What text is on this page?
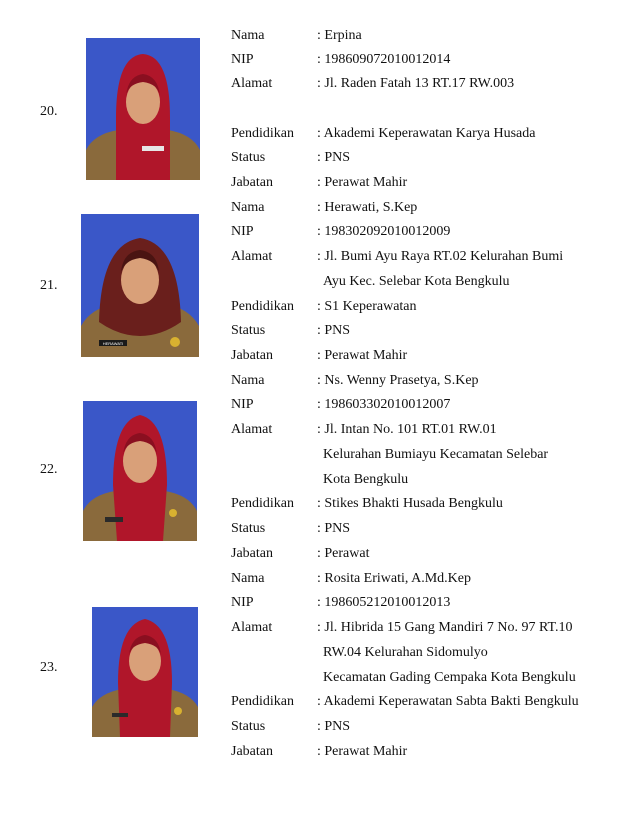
20.
Nama	: Erpina
NIP	: 198609072010012014
Alamat	: Jl. Raden Fatah 13 RT.17 RW.003
Pendidikan	: Akademi Keperawatan Karya Husada
Status	: PNS
Jabatan	: Perawat Mahir
21.
HERAWATI
Nama	: Herawati, S.Kep
NIP	: 198302092010012009
Alamat	: Jl. Bumi Ayu Raya RT.02 Kelurahan Bumi
Ayu Kec. Selebar Kota Bengkulu
Pendidikan	: S1 Keperawatan
Status	: PNS
Jabatan	: Perawat Mahir
22.
Nama	: Ns. Wenny Prasetya, S.Kep
NIP	: 198603302010012007
Alamat	: Jl. Intan No. 101 RT.01 RW.01
Kelurahan Bumiayu Kecamatan Selebar
Kota Bengkulu
Pendidikan	: Stikes Bhakti Husada Bengkulu
Status	: PNS
Jabatan	: Perawat
23.
Nama	: Rosita Eriwati, A.Md.Kep
NIP	: 198605212010012013
Alamat	: Jl. Hibrida 15 Gang Mandiri 7 No. 97 RT.10
RW.04 Kelurahan Sidomulyo
Kecamatan Gading Cempaka Kota Bengkulu
Pendidikan	: Akademi Keperawatan Sabta Bakti Bengkulu
Status	: PNS
Jabatan	: Perawat Mahir
